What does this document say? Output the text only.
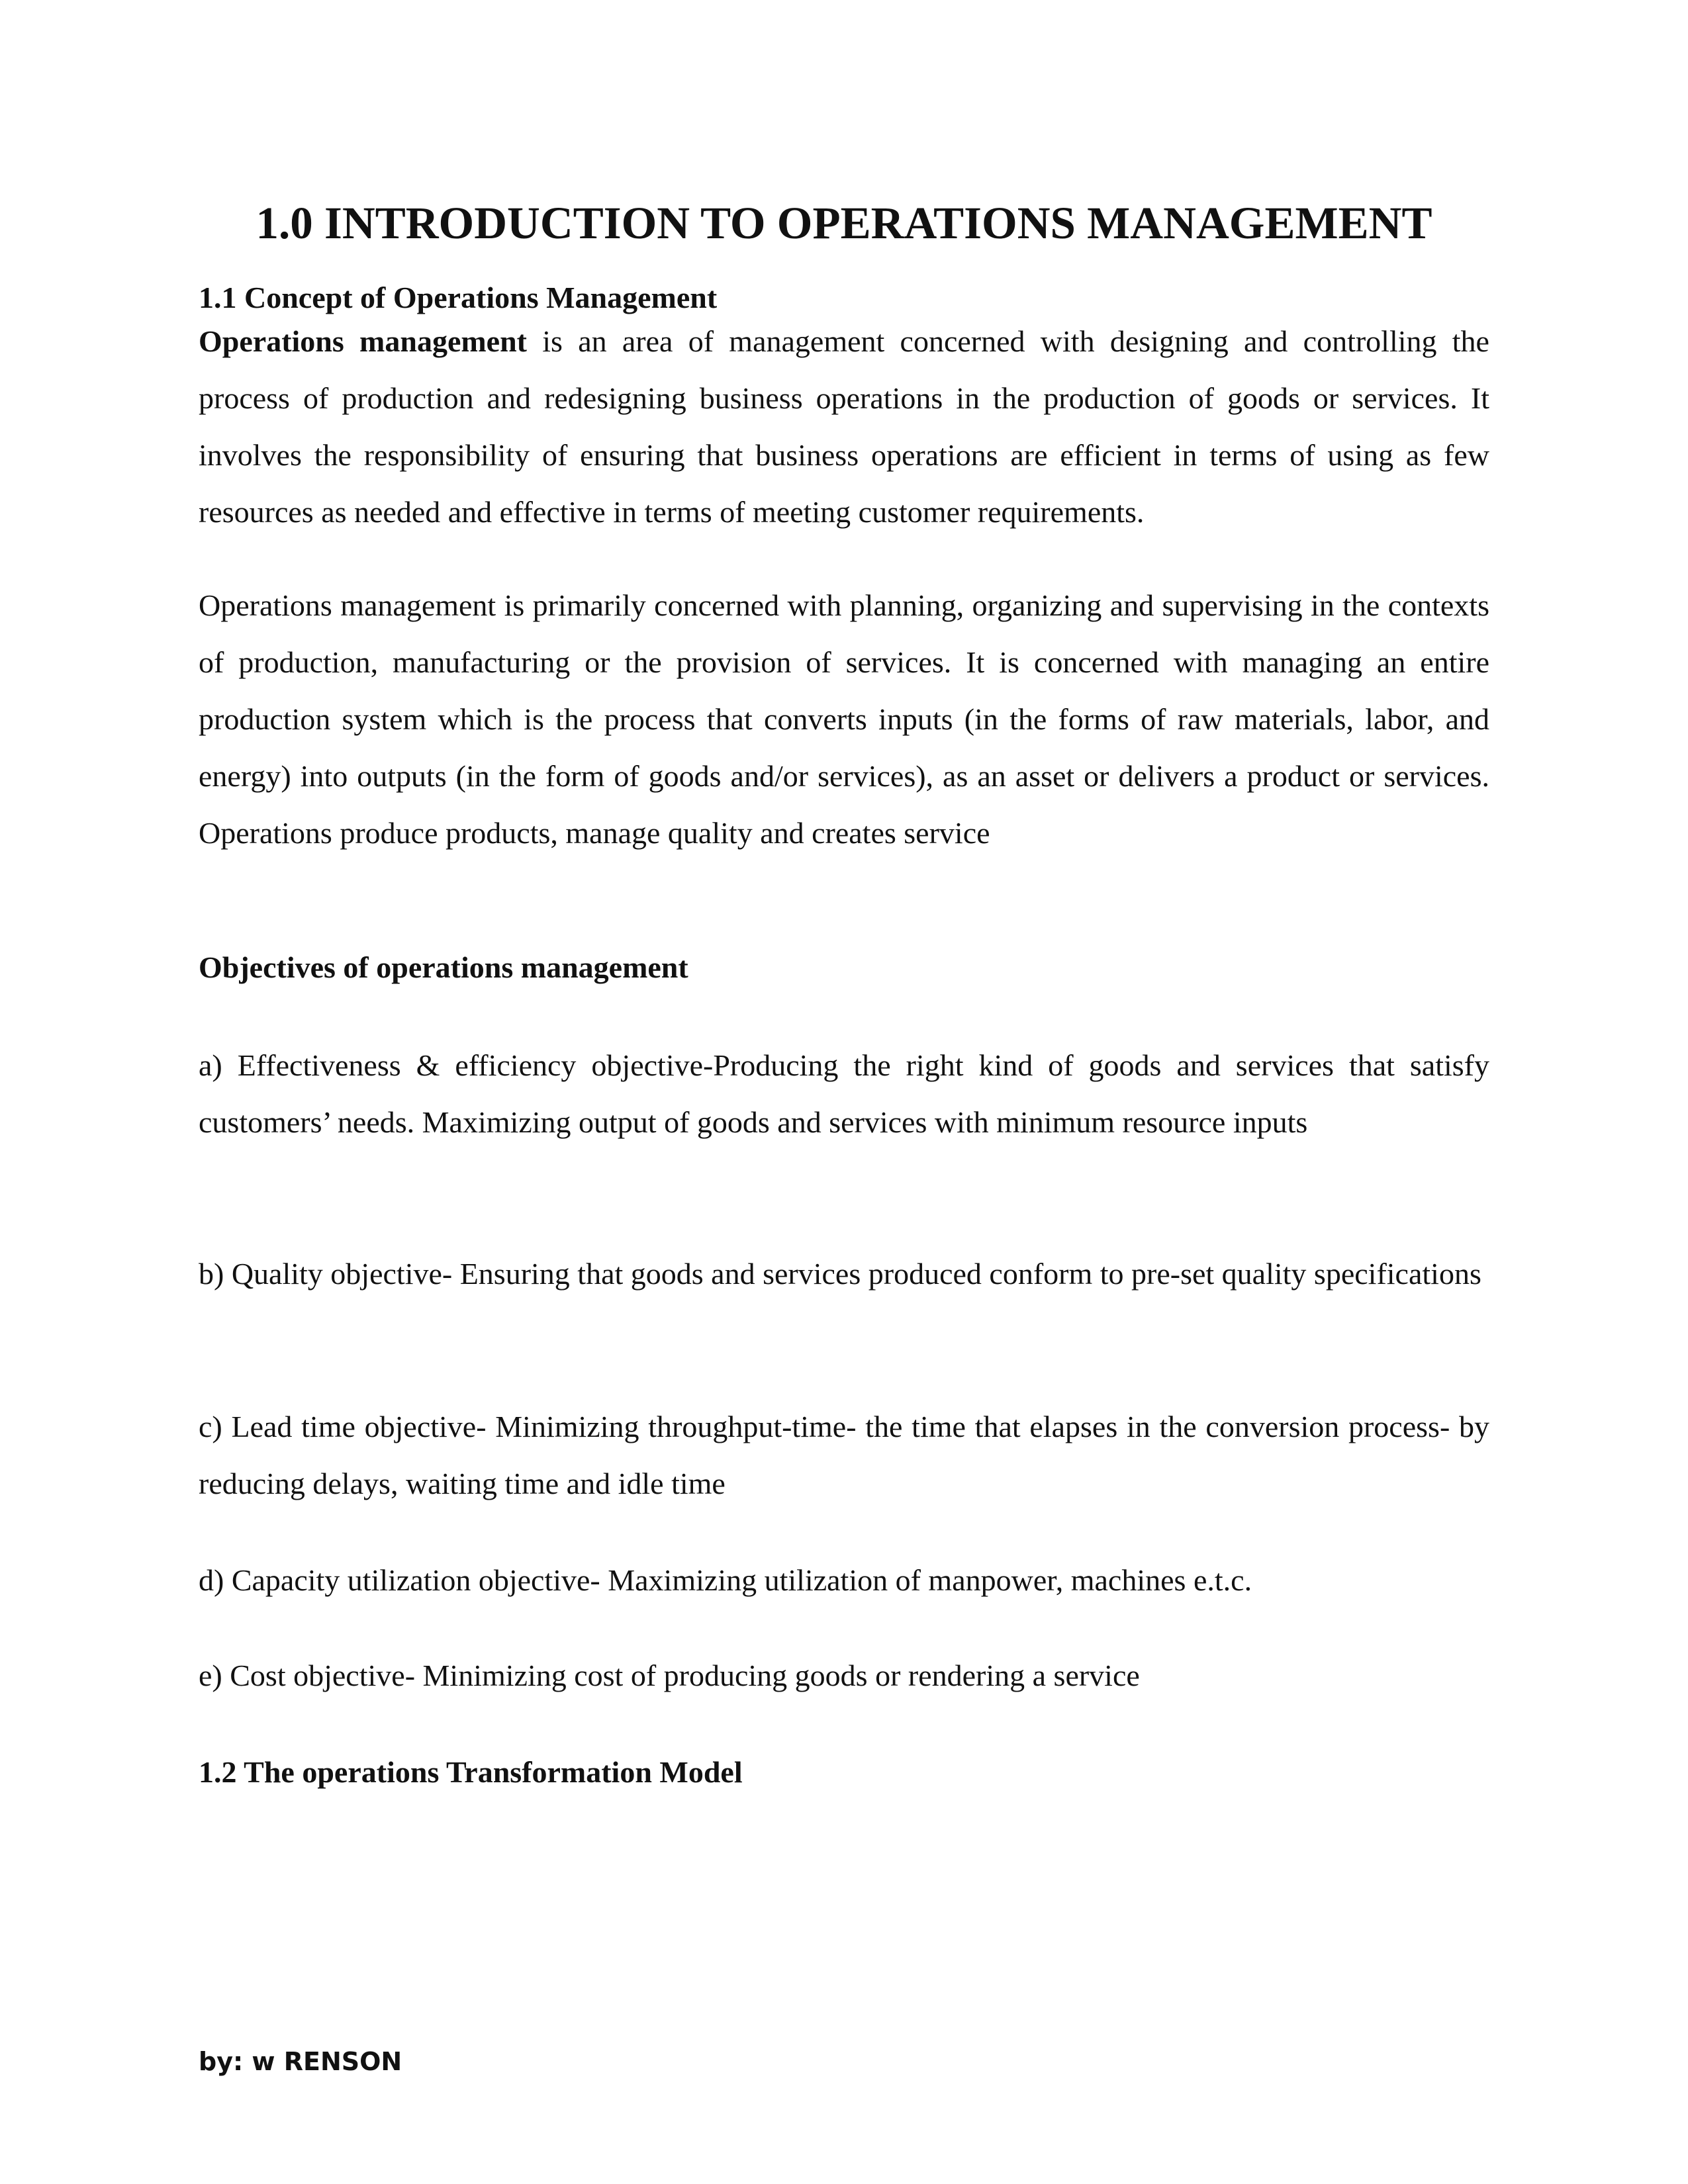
1.0 INTRODUCTION TO OPERATIONS MANAGEMENT
1.1 Concept of Operations Management

Operations management is an area of management concerned with designing and controlling the process of production and redesigning business operations in the production of goods or services. It involves the responsibility of ensuring that business operations are efficient in terms of using as few resources as needed and effective in terms of meeting customer requirements.

Operations management is primarily concerned with planning, organizing and supervising in the contexts of production, manufacturing or the provision of services. It is concerned with managing an entire production system which is the process that converts inputs (in the forms of raw materials, labor, and energy) into outputs (in the form of goods and/or services), as an asset or delivers a product or services. Operations produce products, manage quality and creates service

Objectives of operations management

a) Effectiveness & efficiency objective-Producing the right kind of goods and services that satisfy customers’ needs. Maximizing output of goods and services with minimum resource inputs

b) Quality objective- Ensuring that goods and services produced conform to pre-set quality specifications

c) Lead time objective- Minimizing throughput-time- the time that elapses in the conversion process- by reducing delays, waiting time and idle time

d) Capacity utilization objective- Maximizing utilization of manpower, machines e.t.c.

e) Cost objective- Minimizing cost of producing goods or rendering a service

1.2 The operations Transformation Model

by: w RENSON
